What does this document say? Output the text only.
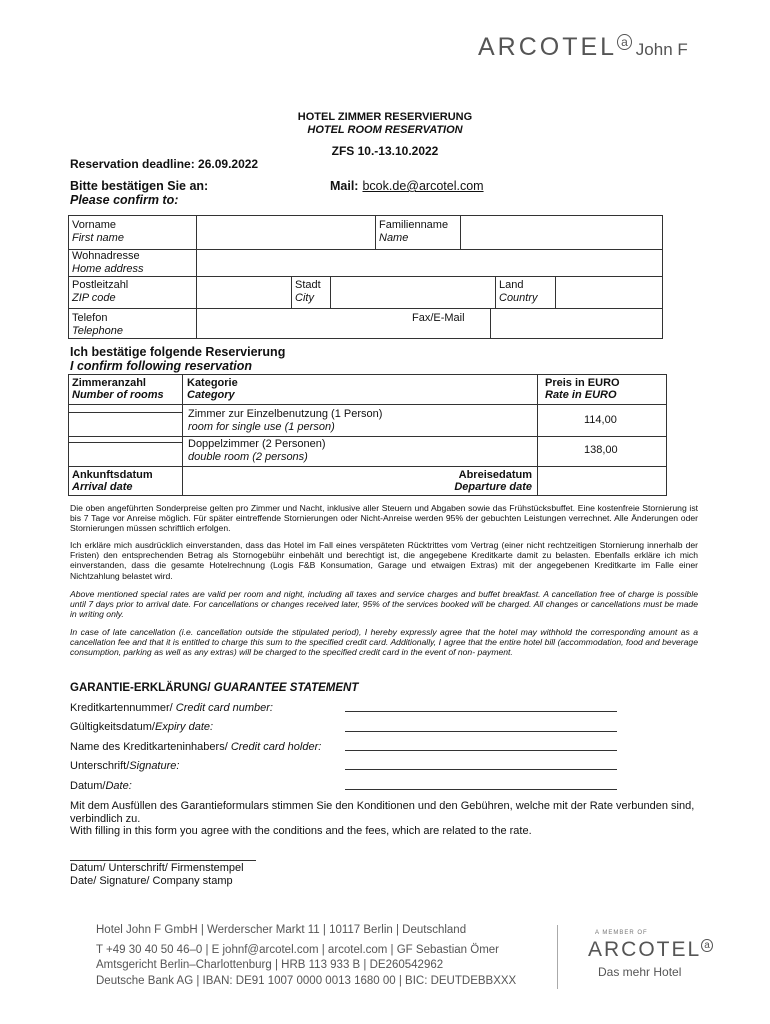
ARCOTEL $^a$ John F
HOTEL ZIMMER RESERVIERUNG
HOTEL ROOM RESERVATION
ZFS 10.-13.10.2022
Reservation deadline: 26.09.2022
Bitte bestätigen Sie an:
Please confirm to:
Mail: bcok.de@arcotel.com
Vorname
First name
Familienname
Name
Wohnadresse
Home address
Postleitzahl
ZIP code
Stadt
City
Land
Country
Telefon
Telephone
Fax/E-Mail
Ich bestätige folgende Reservierung
I confirm following reservation
Zimmeranzahl
Number of rooms
Kategorie
Category
Preis in EURO
Rate in EURO
Zimmer zur Einzelbenutzung (1 Person)
room for single use (1 person)
114,00
Doppelzimmer (2 Personen)
double room (2 persons)
138,00
Ankunftsdatum
Arrival date
Abreisedatum
Departure date
Die oben angeführten Sonderpreise gelten pro Zimmer und Nacht, inklusive aller Steuern und Abgaben sowie das Frühstücksbuffet. Eine kostenfreie Stornierung ist bis 7 Tage vor Anreise möglich. Für später eintreffende Stornierungen oder Nicht-Anreise werden 95% der gebuchten Leistungen verrechnet. Alle Änderungen oder Stornierungen müssen schriftlich erfolgen.
Ich erkläre mich ausdrücklich einverstanden, dass das Hotel im Fall eines verspäteten Rücktrittes vom Vertrag (einer nicht rechtzeitigen Stornierung innerhalb der Fristen) den entsprechenden Betrag als Stornogebühr einbehält und berechtigt ist, die angegebene Kreditkarte damit zu belasten. Ebenfalls erkläre ich mich einverstanden, dass die gesamte Hotelrechnung (Logis F&B Konsumation, Garage und etwaigen Extras) mit der angegebenen Kreditkarte im Falle einer Nichtzahlung belastet wird.
Above mentioned special rates are valid per room and night, including all taxes and service charges and buffet breakfast. A cancellation free of charge is possible until 7 days prior to arrival date. For cancellations or changes received later, 95% of the services booked will be charged. All changes or cancellations must be made in writing only.
In case of late cancellation (i.e. cancellation outside the stipulated period), I hereby expressly agree that the hotel may withhold the corresponding amount as a cancellation fee and that it is entitled to charge this sum to the specified credit card. Additionally, I agree that the entire hotel bill (accommodation, food and beverage consumption, parking as well as any extras) will be charged to the specified credit card in the event of non- payment.
GARANTIE-ERKLÄRUNG/ GUARANTEE STATEMENT
Kreditkartennummer/ Credit card number:
Gültigkeitsdatum/Expiry date:
Name des Kreditkarteninhabers/ Credit card holder:
Unterschrift/Signature:
Datum/Date:
Mit dem Ausfüllen des Garantieformulars stimmen Sie den Konditionen und den Gebühren, welche mit der Rate verbunden sind, verbindlich zu.
With filling in this form you agree with the conditions and the fees, which are related to the rate.
Datum/ Unterschrift/ Firmenstempel
Date/ Signature/ Company stamp
Hotel John F GmbH | Werderscher Markt 11 | 10117 Berlin | Deutschland
T +49 30 40 50 46–0 | E johnf@arcotel.com | arcotel.com | GF Sebastian Ömer
Amtsgericht Berlin–Charlottenburg | HRB 113 933 B | DE260542962
Deutsche Bank AG | IBAN: DE91 1007 0000 0013 1680 00 | BIC: DEUTDEBBXXX
A MEMBER OF
ARCOTEL $^a$
Das mehr Hotel
